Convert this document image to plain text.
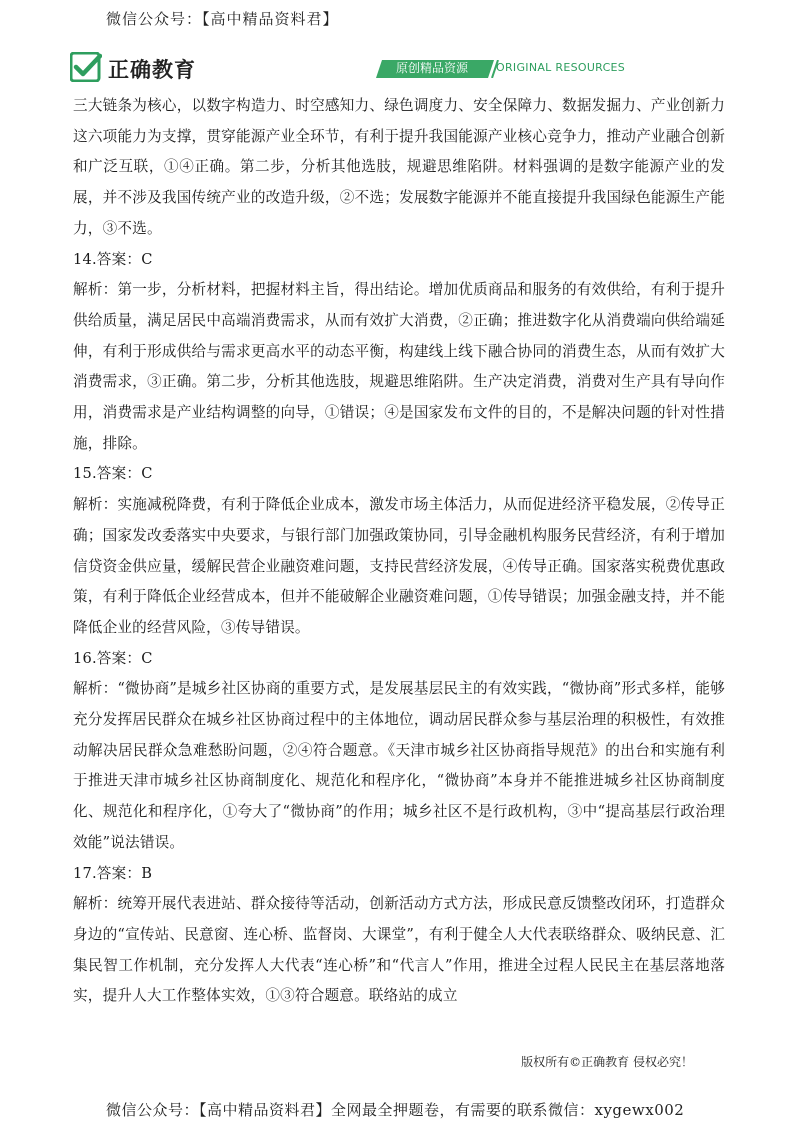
微信公众号：【高中精品资料君】
正确教育	原创精品资源	ORIGINAL RESOURCES

三大链条为核心，以数字构造力、时空感知力、绿色调度力、安全保障力、数据发掘力、产业创新力这六项能力为支撑，贯穿能源产业全环节，有利于提升我国能源产业核心竞争力，推动产业融合创新和广泛互联，①④正确。第二步，分析其他选肢，规避思维陷阱。材料强调的是数字能源产业的发展，并不涉及我国传统产业的改造升级，②不选；发展数字能源并不能直接提升我国绿色能源生产能力，③不选。

14.答案：C

解析：第一步，分析材料，把握材料主旨，得出结论。增加优质商品和服务的有效供给，有利于提升供给质量，满足居民中高端消费需求，从而有效扩大消费，②正确；推进数字化从消费端向供给端延伸，有利于形成供给与需求更高水平的动态平衡，构建线上线下融合协同的消费生态，从而有效扩大消费需求，③正确。第二步，分析其他选肢，规避思维陷阱。生产决定消费，消费对生产具有导向作用，消费需求是产业结构调整的向导，①错误；④是国家发布文件的目的，不是解决问题的针对性措施，排除。

15.答案：C

解析：实施减税降费，有利于降低企业成本，激发市场主体活力，从而促进经济平稳发展，②传导正确；国家发改委落实中央要求，与银行部门加强政策协同，引导金融机构服务民营经济，有利于增加信贷资金供应量，缓解民营企业融资难问题，支持民营经济发展，④传导正确。国家落实税费优惠政策，有利于降低企业经营成本，但并不能破解企业融资难问题，①传导错误；加强金融支持，并不能降低企业的经营风险，③传导错误。

16.答案：C

解析：“微协商”是城乡社区协商的重要方式，是发展基层民主的有效实践，“微协商”形式多样，能够充分发挥居民群众在城乡社区协商过程中的主体地位，调动居民群众参与基层治理的积极性，有效推动解决居民群众急难愁盼问题，②④符合题意。《天津市城乡社区协商指导规范》的出台和实施有利于推进天津市城乡社区协商制度化、规范化和程序化，“微协商”本身并不能推进城乡社区协商制度化、规范化和程序化，①夸大了“微协商”的作用；城乡社区不是行政机构，③中“提高基层行政治理效能”说法错误。

17.答案：B

解析：统筹开展代表进站、群众接待等活动，创新活动方式方法，形成民意反馈整改闭环，打造群众身边的“宣传站、民意窗、连心桥、监督岗、大课堂”，有利于健全人大代表联络群众、吸纳民意、汇集民智工作机制，充分发挥人大代表“连心桥”和“代言人”作用，推进全过程人民民主在基层落地落实，提升人大工作整体实效，①③符合题意。联络站的成立

版权所有©正确教育 侵权必究！
微信公众号：【高中精品资料君】全网最全押题卷，有需要的联系微信：xygewx002
